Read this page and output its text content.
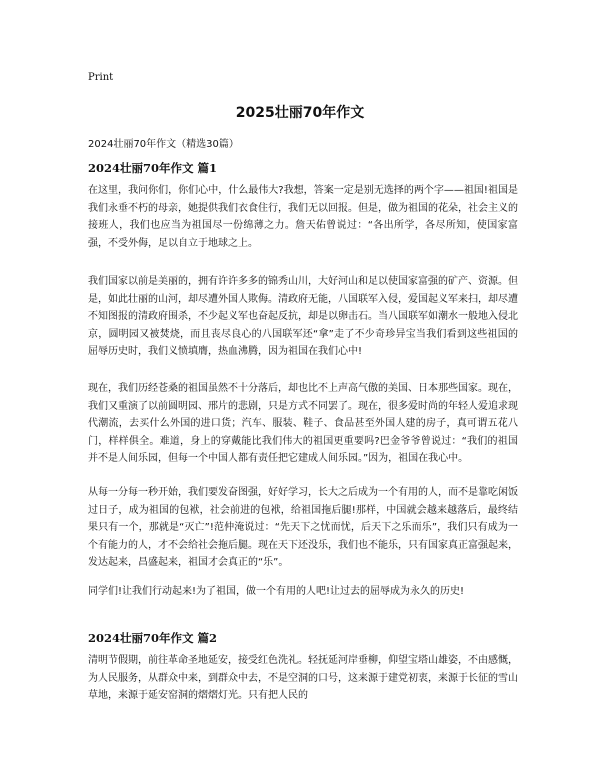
Print
2025壮丽70年作文
2024壮丽70年作文（精选30篇）
2024壮丽70年作文 篇1

在这里，我问你们，你们心中，什么最伟大?我想，答案一定是别无选择的两个字——祖国!祖国是我们永垂不朽的母亲，她提供我们衣食住行，我们无以回报。但是，做为祖国的花朵，社会主义的接班人，我们也应当为祖国尽一份绵薄之力。詹天佑曾说过：“各出所学，各尽所知，使国家富强，不受外侮，足以自立于地球之上。

我们国家以前是美丽的，拥有许许多多的锦秀山川，大好河山和足以使国家富强的矿产、资源。但是，如此壮丽的山河，却尽遭外国人欺侮。清政府无能，八国联军入侵，爱国起义军来扫，却尽遭不知图报的清政府围杀，不少起义军也奋起反抗，却是以卵击石。当八国联军如潮水一般地入侵北京，圆明园又被焚烧，而且丧尽良心的八国联军还“拿”走了不少奇珍异宝当我们看到这些祖国的屈辱历史时，我们义愤填膺，热血沸腾，因为祖国在我们心中!

现在，我们历经苍桑的祖国虽然不十分落后，却也比不上声高气傲的美国、日本那些国家。现在，我们又重演了以前圆明园、邢片的悲剧，只是方式不同罢了。现在，很多爱时尚的年轻人爱追求现代潮流，去买什么外国的进口货；汽车、服装、鞋子、食品甚至外国人建的房子，真可谓五花八门，样样俱全。难道，身上的穿戴能比我们伟大的祖国更重要吗?巴金爷爷曾说过：“我们的祖国并不是人间乐园，但每一个中国人都有责任把它建成人间乐园。”因为，祖国在我心中。

从每一分每一秒开始，我们要发奋图强，好好学习，长大之后成为一个有用的人，而不是靠吃闲饭过日子，成为祖国的包袱，社会前进的包袱，给祖国拖后腿!那样，中国就会越来越落后，最终结果只有一个，那就是“灭亡”!范仲淹说过：“先天下之忧而忧，后天下之乐而乐”，我们只有成为一个有能力的人，才不会给社会拖后腿。现在天下还没乐，我们也不能乐，只有国家真正富强起来，发达起来，昌盛起来，祖国才会真正的“乐”。

同学们!让我们行动起来!为了祖国，做一个有用的人吧!让过去的屈辱成为永久的历史!

2024壮丽70年作文 篇2

清明节假期，前往革命圣地延安，接受红色洗礼。轻抚延河岸垂柳，仰望宝塔山雄姿，不由感慨，为人民服务，从群众中来，到群众中去，不是空洞的口号，这来源于建党初衷，来源于长征的雪山草地，来源于延安窑洞的熠熠灯光。只有把人民的
